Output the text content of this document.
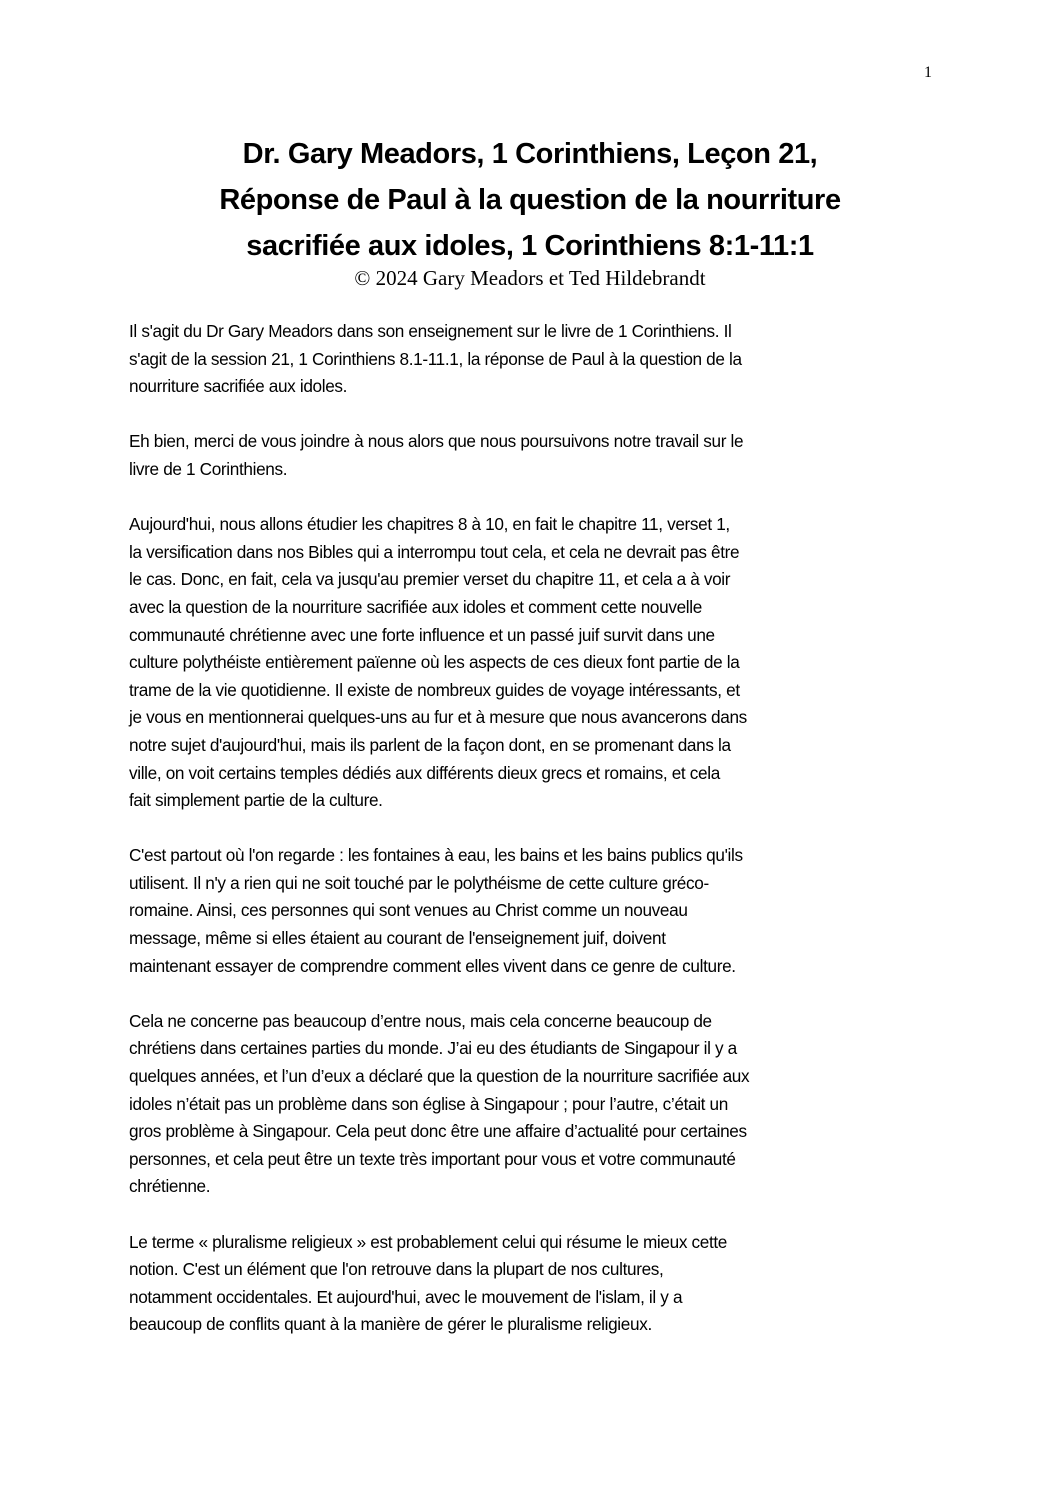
1
Dr. Gary Meadors, 1 Corinthiens, Leçon 21,
Réponse de Paul à la question de la nourriture
sacrifiée aux idoles, 1 Corinthiens 8:1-11:1
© 2024 Gary Meadors et Ted Hildebrandt

Il s'agit du Dr Gary Meadors dans son enseignement sur le livre de 1 Corinthiens. Il
s'agit de la session 21, 1 Corinthiens 8.1-11.1, la réponse de Paul à la question de la
nourriture sacrifiée aux idoles.

Eh bien, merci de vous joindre à nous alors que nous poursuivons notre travail sur le
livre de 1 Corinthiens.

Aujourd'hui, nous allons étudier les chapitres 8 à 10, en fait le chapitre 11, verset 1,
la versification dans nos Bibles qui a interrompu tout cela, et cela ne devrait pas être
le cas. Donc, en fait, cela va jusqu'au premier verset du chapitre 11, et cela a à voir
avec la question de la nourriture sacrifiée aux idoles et comment cette nouvelle
communauté chrétienne avec une forte influence et un passé juif survit dans une
culture polythéiste entièrement païenne où les aspects de ces dieux font partie de la
trame de la vie quotidienne. Il existe de nombreux guides de voyage intéressants, et
je vous en mentionnerai quelques-uns au fur et à mesure que nous avancerons dans
notre sujet d'aujourd'hui, mais ils parlent de la façon dont, en se promenant dans la
ville, on voit certains temples dédiés aux différents dieux grecs et romains, et cela
fait simplement partie de la culture.

C'est partout où l'on regarde : les fontaines à eau, les bains et les bains publics qu'ils
utilisent. Il n'y a rien qui ne soit touché par le polythéisme de cette culture gréco-
romaine. Ainsi, ces personnes qui sont venues au Christ comme un nouveau
message, même si elles étaient au courant de l'enseignement juif, doivent
maintenant essayer de comprendre comment elles vivent dans ce genre de culture.

Cela ne concerne pas beaucoup d’entre nous, mais cela concerne beaucoup de
chrétiens dans certaines parties du monde. J’ai eu des étudiants de Singapour il y a
quelques années, et l’un d’eux a déclaré que la question de la nourriture sacrifiée aux
idoles n’était pas un problème dans son église à Singapour ; pour l’autre, c’était un
gros problème à Singapour. Cela peut donc être une affaire d’actualité pour certaines
personnes, et cela peut être un texte très important pour vous et votre communauté
chrétienne.

Le terme « pluralisme religieux » est probablement celui qui résume le mieux cette
notion. C'est un élément que l'on retrouve dans la plupart de nos cultures,
notamment occidentales. Et aujourd'hui, avec le mouvement de l'islam, il y a
beaucoup de conflits quant à la manière de gérer le pluralisme religieux.
